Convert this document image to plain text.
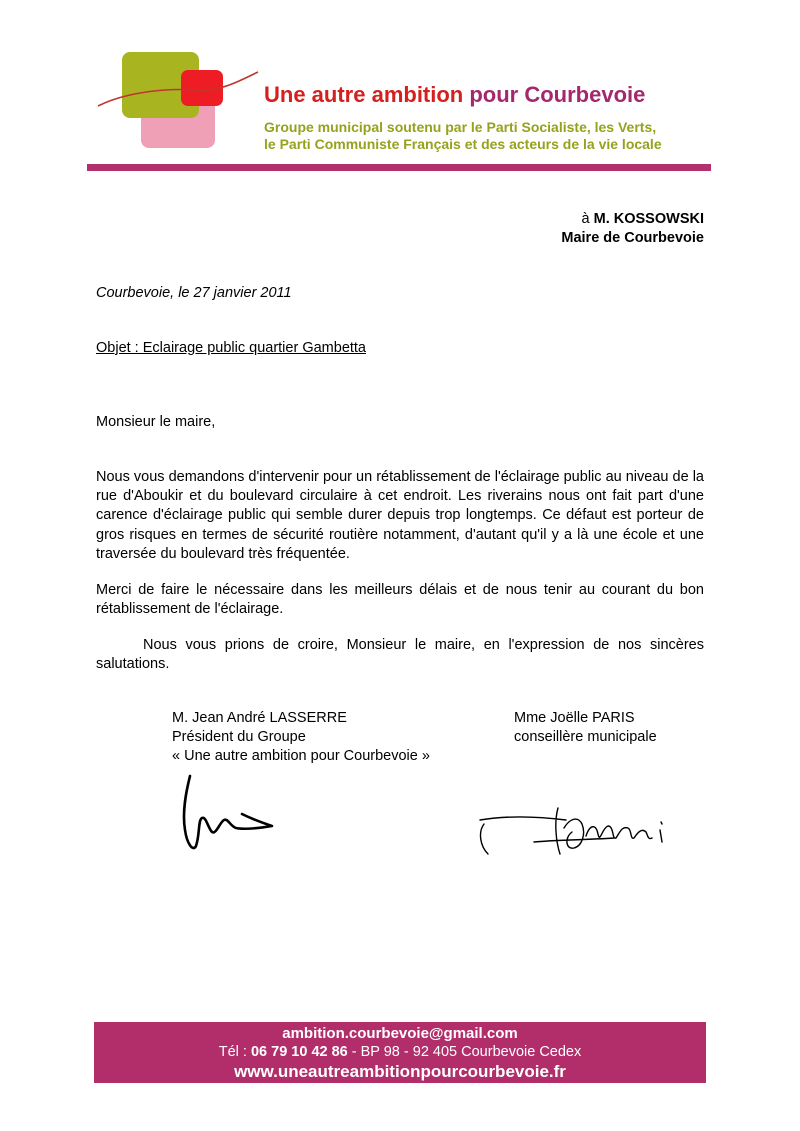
Une autre ambition pour Courbevoie
Groupe municipal soutenu par le Parti Socialiste, les Verts,
le Parti Communiste Français et des acteurs de la vie locale
à M. KOSSOWSKI
Maire de Courbevoie
Courbevoie, le 27 janvier 2011
Objet : Eclairage public quartier Gambetta
Monsieur le maire,
Nous vous demandons d'intervenir pour un rétablissement de l'éclairage public au niveau de la rue d'Aboukir et du boulevard circulaire à cet endroit. Les riverains nous ont fait part d'une carence d'éclairage public qui semble durer depuis trop longtemps. Ce défaut est porteur de gros risques en termes de sécurité routière notamment, d'autant qu'il y a là une école et une traversée du boulevard très fréquentée.
Merci de faire le nécessaire dans les meilleurs délais et de nous tenir au courant du bon rétablissement de l'éclairage.
Nous vous prions de croire, Monsieur le maire, en l'expression de nos sincères salutations.
M. Jean André LASSERRE
Président du Groupe
« Une autre ambition pour Courbevoie »
Mme Joëlle PARIS
conseillère municipale
ambition.courbevoie@gmail.com
Tél : 06 79 10 42 86 - BP 98 - 92 405 Courbevoie Cedex
www.uneautreambitionpourcourbevoie.fr
